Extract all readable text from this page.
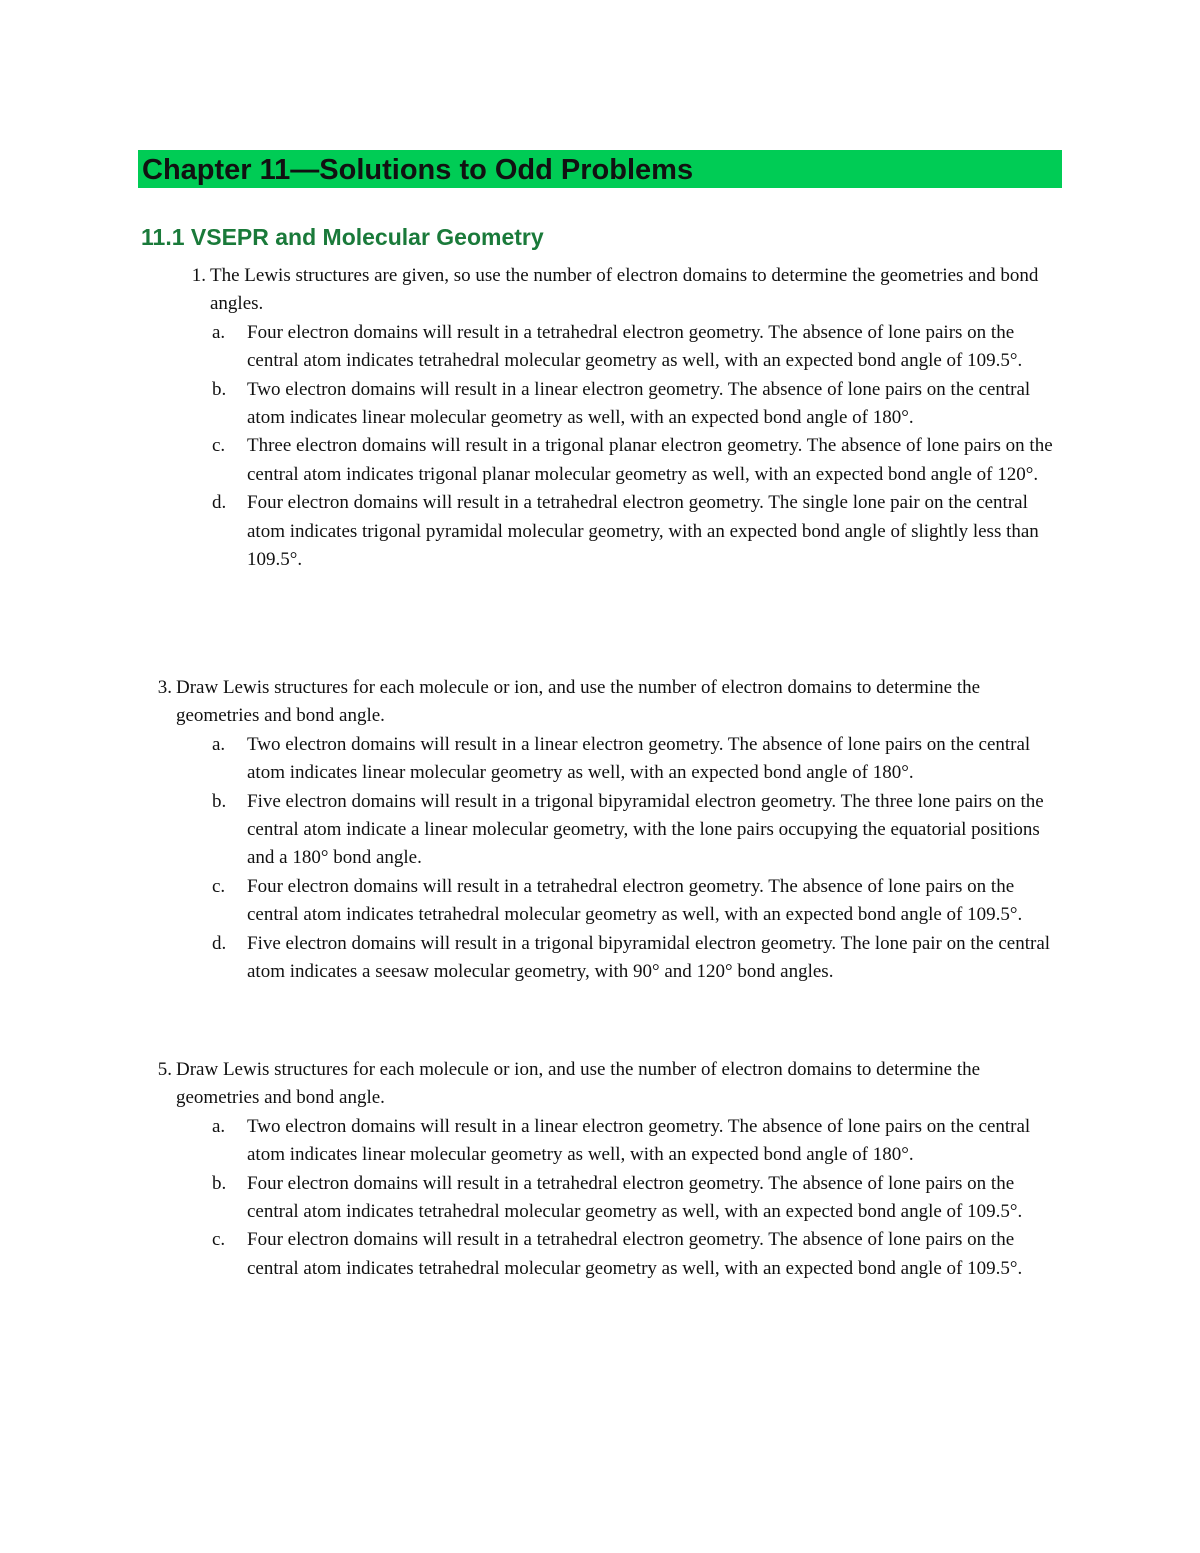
Chapter 11—Solutions to Odd Problems
11.1 VSEPR and Molecular Geometry
1. The Lewis structures are given, so use the number of electron domains to determine the geometries and bond angles.

a. Four electron domains will result in a tetrahedral electron geometry. The absence of lone pairs on the central atom indicates tetrahedral molecular geometry as well, with an expected bond angle of 109.5°.
b. Two electron domains will result in a linear electron geometry. The absence of lone pairs on the central atom indicates linear molecular geometry as well, with an expected bond angle of 180°.
c. Three electron domains will result in a trigonal planar electron geometry. The absence of lone pairs on the central atom indicates trigonal planar molecular geometry as well, with an expected bond angle of 120°.
d. Four electron domains will result in a tetrahedral electron geometry. The single lone pair on the central atom indicates trigonal pyramidal molecular geometry, with an expected bond angle of slightly less than 109.5°.
3. Draw Lewis structures for each molecule or ion, and use the number of electron domains to determine the geometries and bond angle.

a. Two electron domains will result in a linear electron geometry. The absence of lone pairs on the central atom indicates linear molecular geometry as well, with an expected bond angle of 180°.
b. Five electron domains will result in a trigonal bipyramidal electron geometry. The three lone pairs on the central atom indicate a linear molecular geometry, with the lone pairs occupying the equatorial positions and a 180° bond angle.
c. Four electron domains will result in a tetrahedral electron geometry. The absence of lone pairs on the central atom indicates tetrahedral molecular geometry as well, with an expected bond angle of 109.5°.
d. Five electron domains will result in a trigonal bipyramidal electron geometry. The lone pair on the central atom indicates a seesaw molecular geometry, with 90° and 120° bond angles.
5. Draw Lewis structures for each molecule or ion, and use the number of electron domains to determine the geometries and bond angle.

a. Two electron domains will result in a linear electron geometry. The absence of lone pairs on the central atom indicates linear molecular geometry as well, with an expected bond angle of 180°.
b. Four electron domains will result in a tetrahedral electron geometry. The absence of lone pairs on the central atom indicates tetrahedral molecular geometry as well, with an expected bond angle of 109.5°.
c. Four electron domains will result in a tetrahedral electron geometry. The absence of lone pairs on the central atom indicates tetrahedral molecular geometry as well, with an expected bond angle of 109.5°.
